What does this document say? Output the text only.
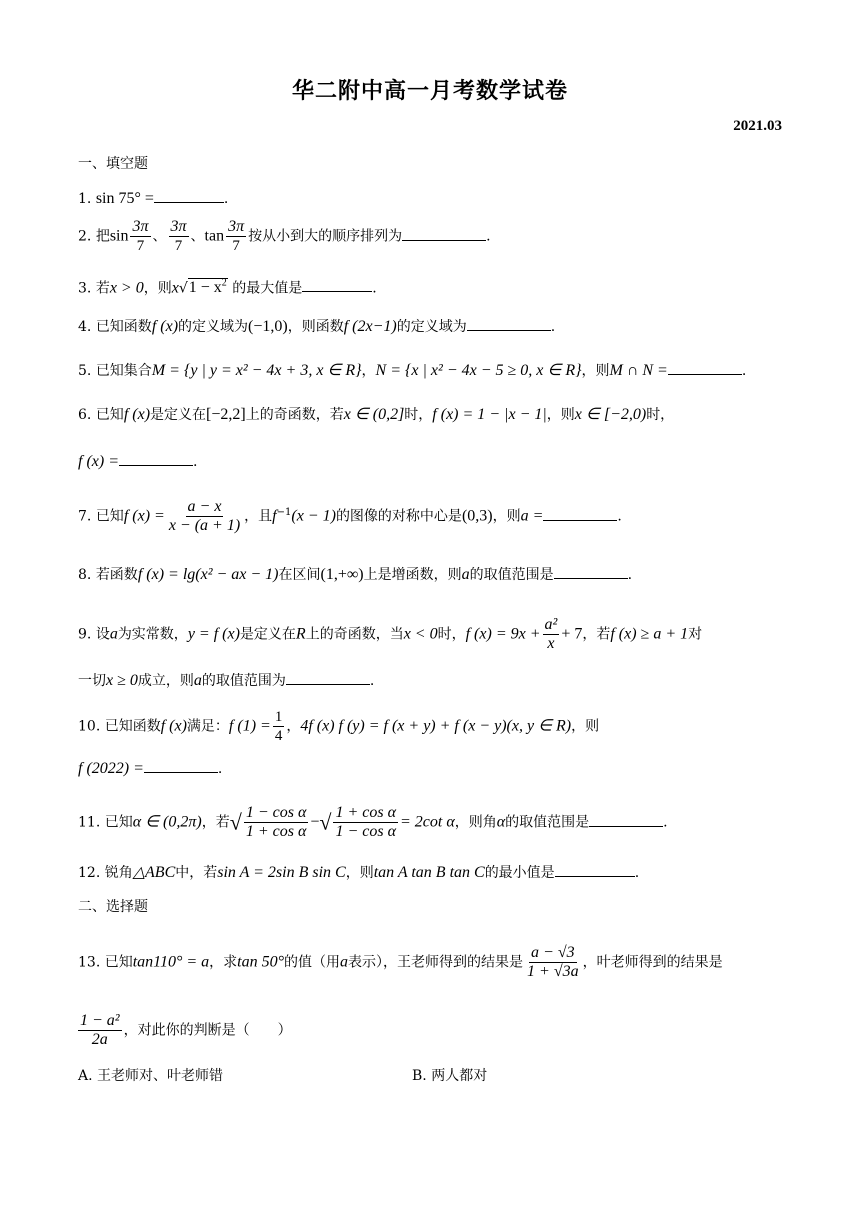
华二附中高一月考数学试卷
2021.03
一、填空题
1. sin 75° =	.
2. 把$\sin \frac{3\pi}{7}$ 、 $\frac{3\pi}{7}$ 、$\tan \frac{3\pi}{7}$ 按从小到大的顺序排列为	.
3. 若x > 0，则$x√1 - x^2$ 的最大值是	.
4. 已知函数f (x)的定义域为(−1,0)，则函数f (2x−1)的定义域为	.
5. 已知集合M = {y | y = x² − 4x + 3, x ∈ R}，N = {x | x² − 4x − 5 ≥ 0, x ∈ R}，则M ∩ N =	.
6. 已知f (x)是定义在[−2,2]上的奇函数，若x ∈ (0,2]时，f (x) = 1 − |x − 1|，则x ∈ [−2,0)时，
f (x) =	.
7. 已知f $(x) = \frac{a - x}{x - (a + 1)}$ ，且$f^{-1}(x - 1)$的图像的对称中心是(0,3)，则a =	.
8. 若函数f (x) = lg(x² − ax − 1)在区间(1,+∞)上是增函数，则a的取值范围是	.
9. 设a为实常数，y = f (x)是定义在R上的奇函数，当x < 0时，f $(x) = 9x + \frac{\text{a²}}{x} + 7$，若f (x) ≥ a + 1对
一切x ≥ 0成立，则a的取值范围为	.
10. 已知函数f (x)满足：f $(1) = \frac{1}{4}$ ，4f (x) f (y) = f (x + y) + f (x − y)(x, y ∈ R)，则
f (2022) =	.
11. 已知α ∈ (0,2π)，若√ $\frac{\text{1 − cos α}}{\text{1 + cos α}}$ −√ $\frac{\text{1 + cos α}}{\text{1 − cos α}} = 2\cot$ α，则角α的取值范围是	.
12. 锐角△ABC中，若sin A = 2sin B sin C，则tan A tan B tan C的最小值是	.
二、选择题
13. 已知tan110° = a，求tan 50°的值（用a表示），王老师得到的结果是 $\frac{a - √3}{1 + √3a}$ ，叶老师得到的结果是
$\frac{\text{1 − a²}}{2a}$ ，对此你的判断是（　　）
A. 王老师对、叶老师错	B. 两人都对
